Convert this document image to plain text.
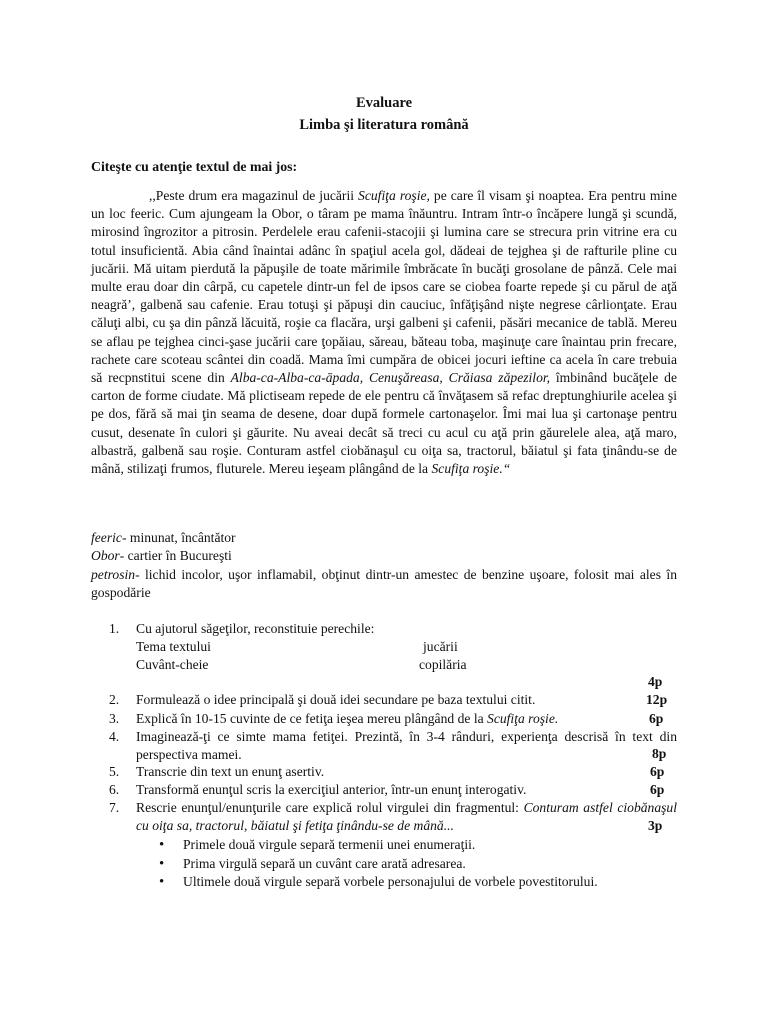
Evaluare
Limba şi literatura română
Citeşte cu atenţie textul de mai jos:

,,Peste drum era magazinul de jucării Scufiţa roşie, pe care îl visam şi noaptea. Era pentru mine un loc feeric. Cum ajungeam la Obor, o târam pe mama înăuntru. Intram într-o încăpere lungă şi scundă, mirosind îngrozitor a pitrosin. Perdelele erau cafenii-stacojii şi lumina care se strecura prin vitrine era cu totul insuficientă. Abia când înaintai adânc în spaţiul acela gol, dădeai de tejghea şi de rafturile pline cu jucării. Mă uitam pierdută la păpuşile de toate mărimile îmbrăcate în bucăţi grosolane de pânză. Cele mai multe erau doar din cârpă, cu capetele dintr-un fel de ipsos care se ciobea foarte repede şi cu părul de aţă neagră’, galbenă sau cafenie. Erau totuşi şi păpuşi din cauciuc, înfăţişând nişte negrese cârlionţate. Erau căluţi albi, cu şa din pânză lăcuită, roşie ca flacăra, urşi galbeni şi cafenii, păsări mecanice de tablă. Mereu se aflau pe tejghea cinci-şase jucării care ţopăiau, săreau, băteau toba, maşinuţe care înaintau prin frecare, rachete care scoteau scântei din coadă. Mama îmi cumpăra de obicei jocuri ieftine ca acela în care trebuia să recpnstitui scene din Alba-ca-Alba-ca-āpada, Cenuşăreasa, Crăiasa zăpezilor, îmbinând bucăţele de carton de forme ciudate. Mă plictiseam repede de ele pentru că învăţasem să refac dreptunghiurile acelea şi pe dos, fără să mai ţin seama de desene, doar după formele cartonaşelor. Îmi mai lua şi cartonaşe pentru cusut, desenate în culori şi găurite. Nu aveai decât să treci cu acul cu aţă prin găurelele alea, aţă maro, albastră, galbenă sau roşie. Conturam astfel ciobănaşul cu oiţa sa, tractorul, băiatul şi fata ţinându-se de mână, stilizaţi frumos, fluturele. Mereu ieşeam plângând de la Scufiţa roşie.“

feeric- minunat, încântător
Obor- cartier în Bucureşti
petrosin- lichid incolor, uşor inflamabil, obţinut dintr-un amestec de benzine uşoare, folosit mai ales în gospodărie
1. Cu ajutorul săgeţilor, reconstituie perechile:
Tema textului	jucării
Cuvânt-cheie	copilăria
4p
2. Formulează o idee principală şi două idei secundare pe baza textului citit.	12p
3. Explică în 10-15 cuvinte de ce fetiţa ieşea mereu plângând de la Scufiţa roşie.	6p
4. Imaginează-ţi ce simte mama fetiţei. Prezintă, în 3-4 rânduri, experienţa descrisă în text din perspectiva mamei.	8p
5. Transcrie din text un enunţ asertiv.	6p
6. Transformă enunţul scris la exerciţiul anterior, într-un enunţ interogativ.	6p
7. Rescrie enunţul/enunţurile care explică rolul virgulei din fragmentul: Conturam astfel ciobănaşul cu oiţa sa, tractorul, băiatul şi fetiţa ţinându-se de mână...	3p
• Primele două virgule separă termenii unei enumeraţii.
• Prima virgulă separă un cuvânt care arată adresarea.
• Ultimele două virgule separă vorbele personajului de vorbele povestitorului.
